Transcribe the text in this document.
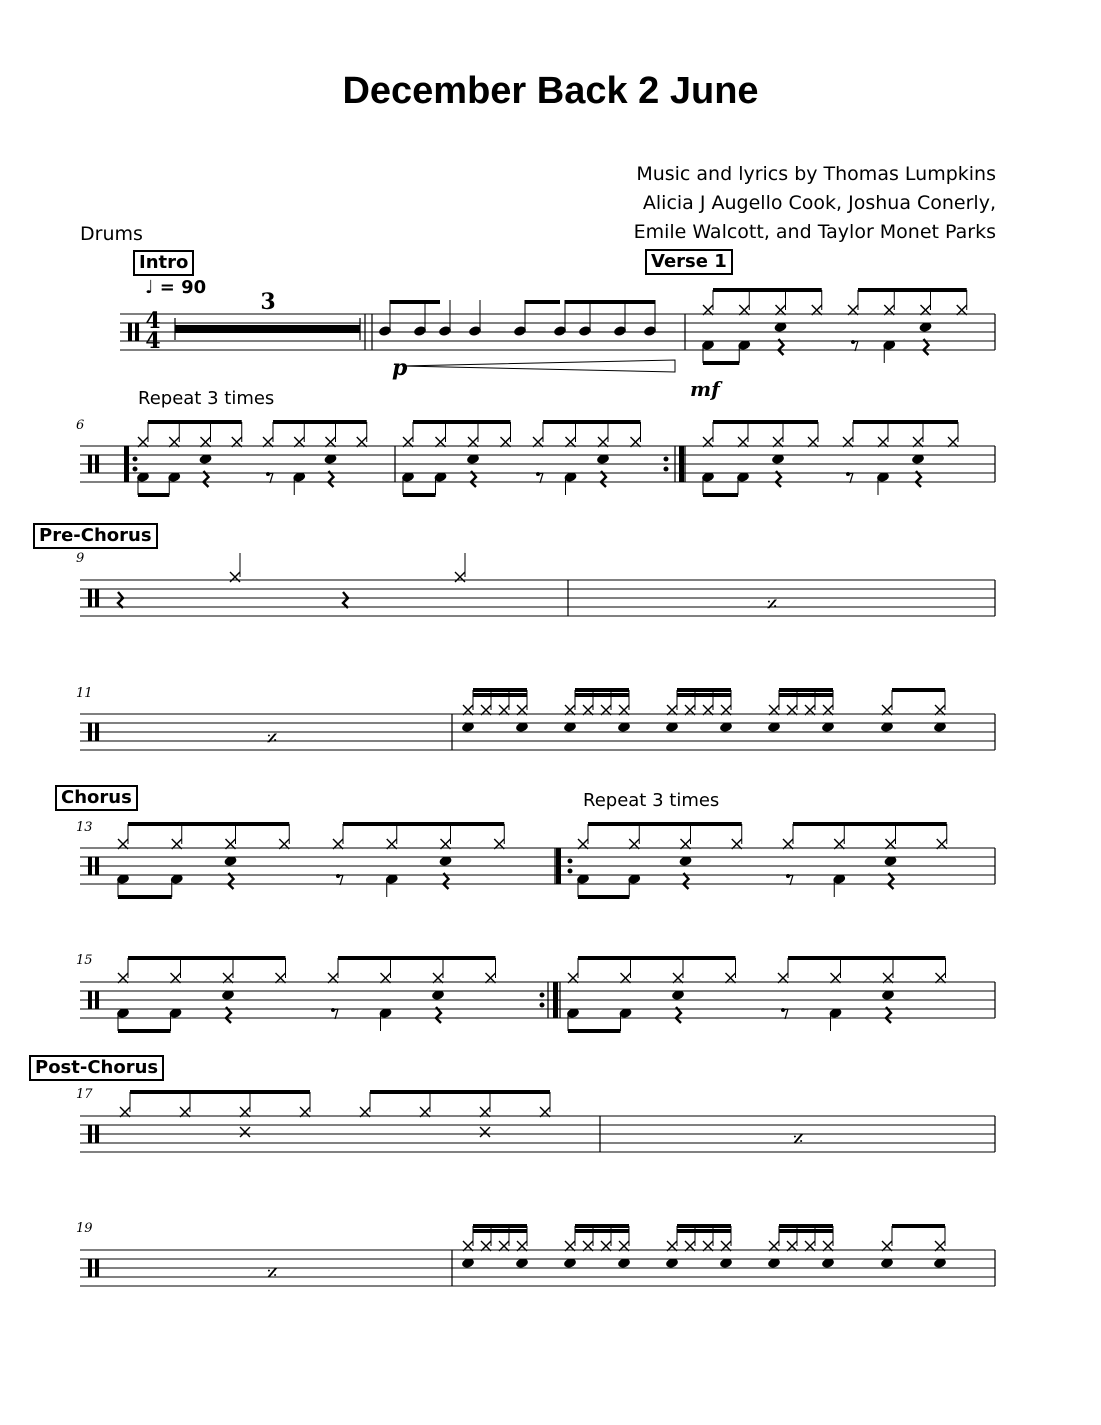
December Back 2 June
Music and lyrics by Thomas Lumpkins
Alicia J Augello Cook, Joshua Conerly,
Emile Walcott, and Taylor Monet Parks
Drums
Intro	Verse 1
Pre-Chorus
Chorus
Post-Chorus
♩ = 90
Repeat 3 times
Repeat 3 times
6
9
11
13
15
17
19
4
4
3
p
mf
𝄎
𝄎
𝄎
𝄎
